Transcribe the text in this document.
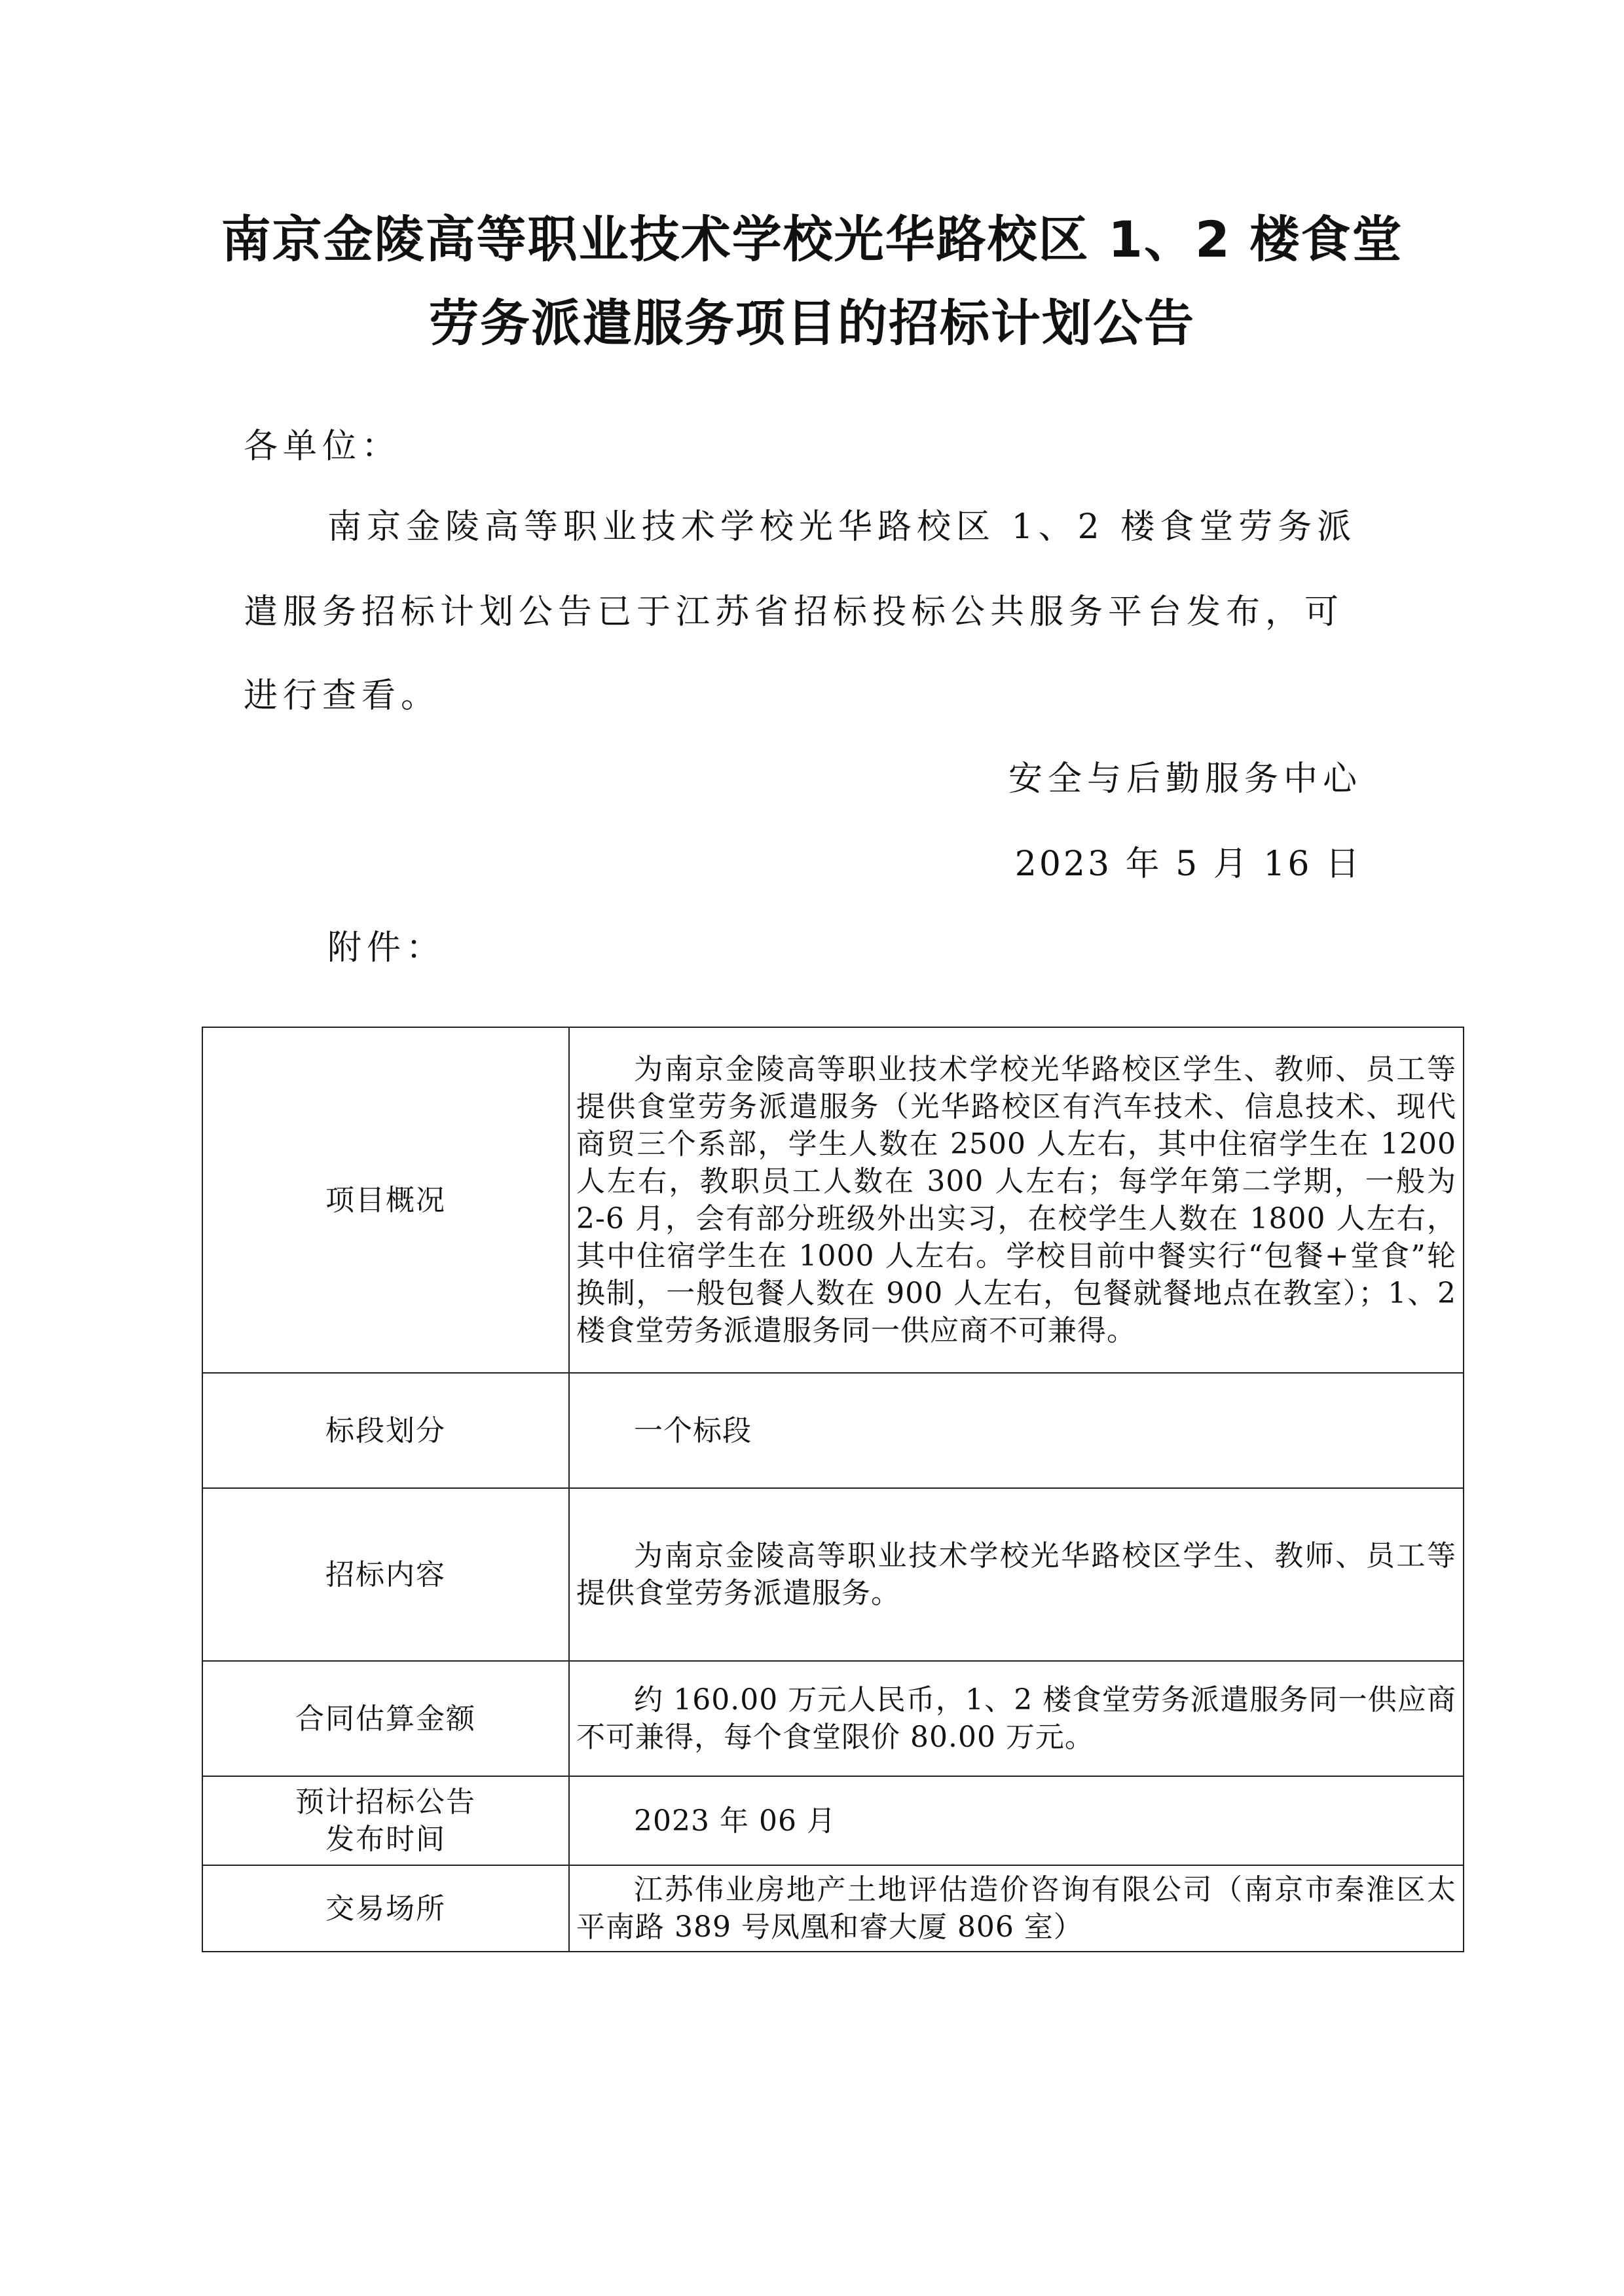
南京金陵高等职业技术学校光华路校区 1、2 楼食堂
劳务派遣服务项目的招标计划公告
各单位：
南京金陵高等职业技术学校光华路校区 1、2 楼食堂劳务派
遣服务招标计划公告已于江苏省招标投标公共服务平台发布，可
进行查看。
安全与后勤服务中心
2023 年 5 月 16 日
附件：
项目概况	为南京金陵高等职业技术学校光华路校区学生、教师、员工等提供食堂劳务派遣服务（光华路校区有汽车技术、信息技术、现代商贸三个系部，学生人数在 2500 人左右，其中住宿学生在 1200 人左右，教职员工人数在 300 人左右；每学年第二学期，一般为 2-6 月，会有部分班级外出实习，在校学生人数在 1800 人左右，其中住宿学生在 1000 人左右。学校目前中餐实行“包餐+堂食”轮换制，一般包餐人数在 900 人左右，包餐就餐地点在教室）；1、2 楼食堂劳务派遣服务同一供应商不可兼得。
标段划分	一个标段
招标内容	为南京金陵高等职业技术学校光华路校区学生、教师、员工等提供食堂劳务派遣服务。
合同估算金额	约 160.00 万元人民币，1、2 楼食堂劳务派遣服务同一供应商不可兼得，每个食堂限价 80.00 万元。

预计招标公告
发布时间	2023 年 06 月
交易场所	江苏伟业房地产土地评估造价咨询有限公司（南京市秦淮区太平南路 389 号凤凰和睿大厦 806 室）
